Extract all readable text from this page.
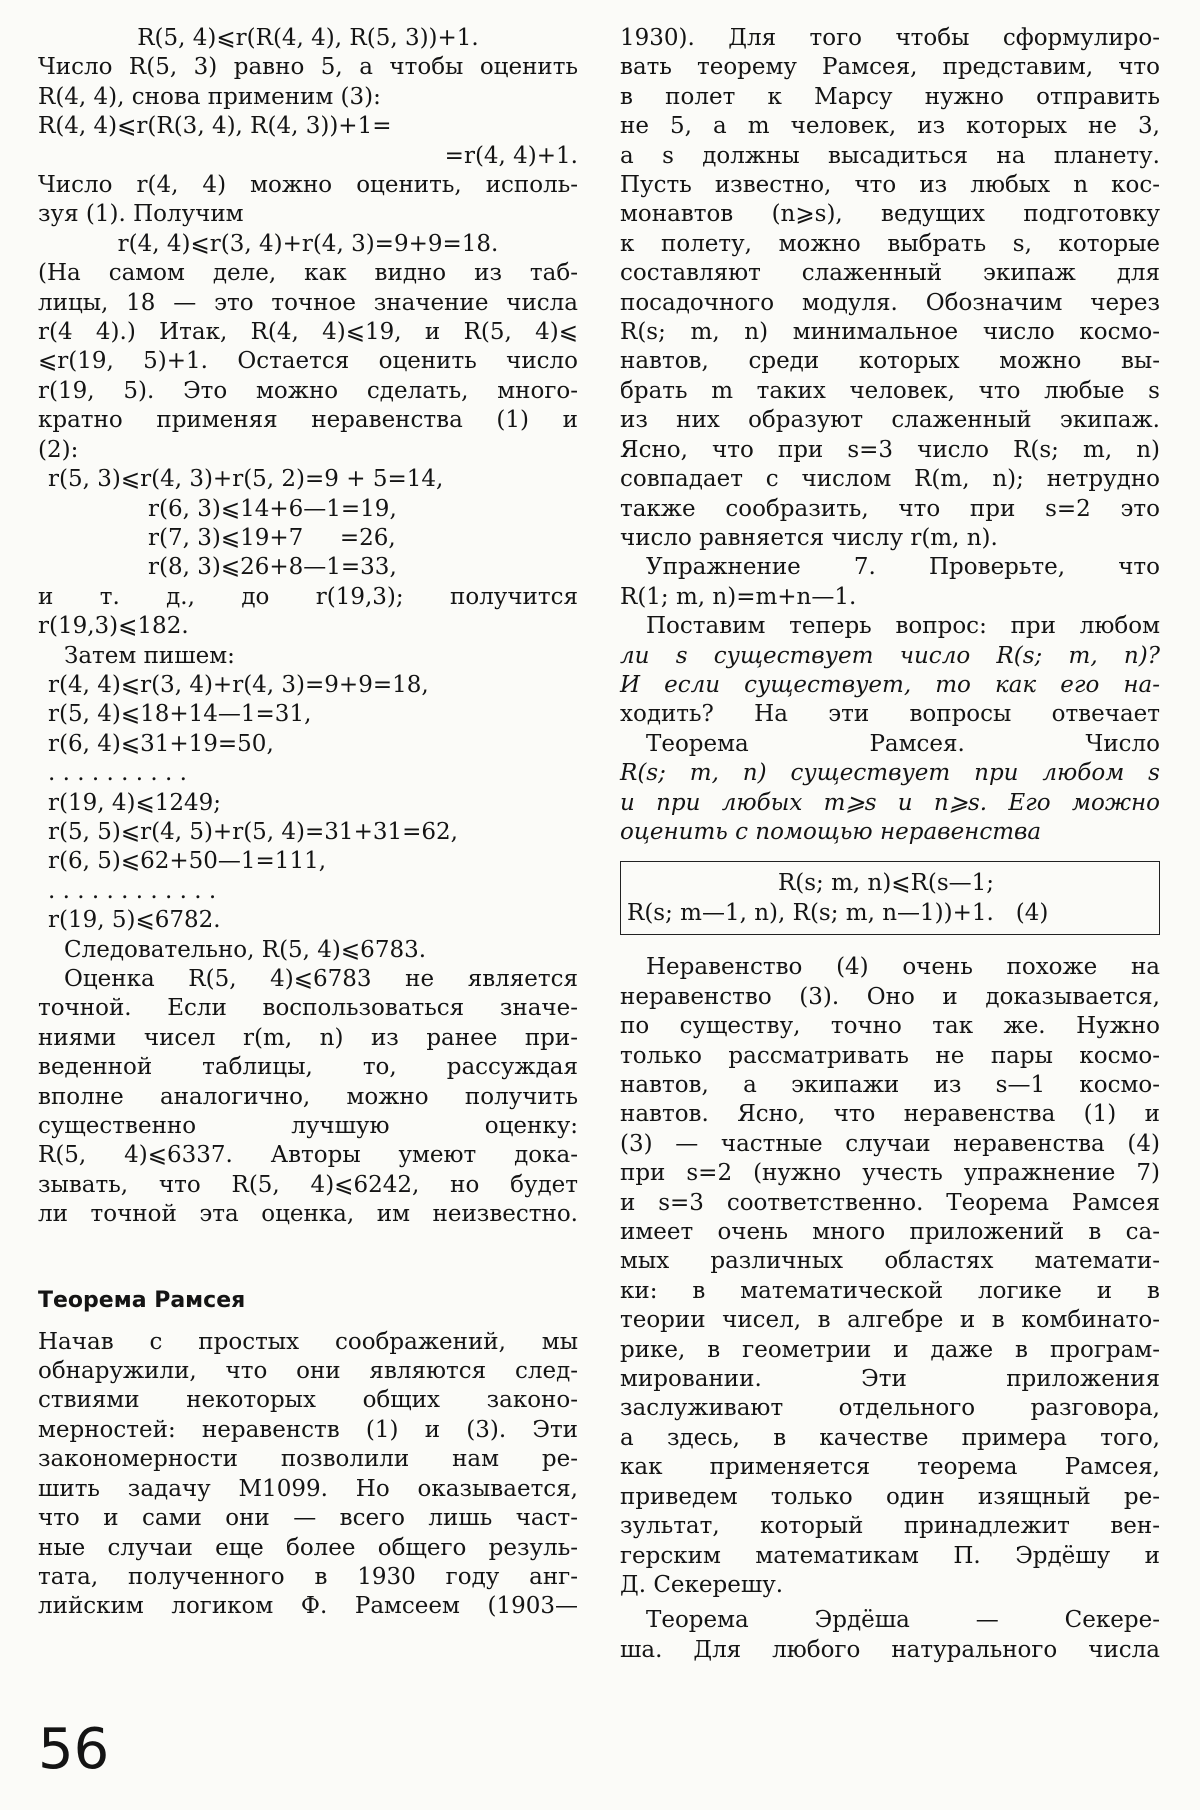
R(5, 4)⩽r(R(4, 4), R(5, 3))+1.

Число R(5, 3) равно 5, а чтобы оценить

R(4, 4), снова применим (3):

R(4, 4)⩽r(R(3, 4), R(4, 3))+1=

=r(4, 4)+1.

Число r(4, 4) можно оценить, исполь-

зуя (1). Получим

r(4, 4)⩽r(3, 4)+r(4, 3)=9+9=18.

(На самом деле, как видно из таб-

лицы, 18 — это точное значение числа

r(4 4).) Итак, R(4, 4)⩽19, и R(5, 4)⩽

⩽r(19, 5)+1. Остается оценить число

r(19, 5). Это можно сделать, много-

кратно применяя неравенства (1) и

(2):

r(5, 3)⩽r(4, 3)+r(5, 2)=9 + 5=14,

r(6, 3)⩽14+6—1=19,

r(7, 3)⩽19+7     =26,

r(8, 3)⩽26+8—1=33,

и т. д., до r(19,3); получится

r(19,3)⩽182.

Затем пишем:

r(4, 4)⩽r(3, 4)+r(4, 3)=9+9=18,

r(5, 4)⩽18+14—1=31,

r(6, 4)⩽31+19=50,

. . . . . . . . . .

r(19, 4)⩽1249;

r(5, 5)⩽r(4, 5)+r(5, 4)=31+31=62,

r(6, 5)⩽62+50—1=111,

. . . . . . . . . . . .

r(19, 5)⩽6782.

Следовательно, R(5, 4)⩽6783.

Оценка R(5, 4)⩽6783 не является

точной. Если воспользоваться значе-

ниями чисел r(m, n) из ранее при-

веденной таблицы, то, рассуждая

вполне аналогично, можно получить

существенно лучшую оценку:

R(5, 4)⩽6337. Авторы умеют дока-

зывать, что R(5, 4)⩽6242, но будет

ли точной эта оценка, им неизвестно.

Теорема Рамсея

Начав с простых соображений, мы

обнаружили, что они являются след-

ствиями некоторых общих законо-

мерностей: неравенств (1) и (3). Эти

закономерности позволили нам ре-

шить задачу М1099. Но оказывается,

что и сами они — всего лишь част-

ные случаи еще более общего резуль-

тата, полученного в 1930 году анг-

лийским логиком Ф. Рамсеем (1903—

1930). Для того чтобы сформулиро-

вать теорему Рамсея, представим, что

в полет к Марсу нужно отправить

не 5, а m человек, из которых не 3,

а s должны высадиться на планету.

Пусть известно, что из любых n кос-

монавтов (n⩾s), ведущих подготовку

к полету, можно выбрать s, которые

составляют слаженный экипаж для

посадочного модуля. Обозначим через

R(s; m, n) минимальное число космо-

навтов, среди которых можно вы-

брать m таких человек, что любые s

из них образуют слаженный экипаж.

Ясно, что при s=3 число R(s; m, n)

совпадает с числом R(m, n); нетрудно

также сообразить, что при s=2 это

число равняется числу r(m, n).

Упражнение 7. Проверьте, что

R(1; m, n)=m+n—1.

Поставим теперь вопрос: при любом

ли s существует число R(s; m, n)?

И если существует, то как его на-

ходить? На эти вопросы отвечает

Теорема Рамсея. Число

R(s; m, n) существует при любом s

и при любых m⩾s и n⩾s. Его можно

оценить с помощью неравенства

R(s; m, n)⩽R(s—1;

R(s; m—1, n), R(s; m, n—1))+1.   (4)

Неравенство (4) очень похоже на

неравенство (3). Оно и доказывается,

по существу, точно так же. Нужно

только рассматривать не пары космо-

навтов, а экипажи из s—1 космо-

навтов. Ясно, что неравенства (1) и

(3) — частные случаи неравенства (4)

при s=2 (нужно учесть упражнение 7)

и s=3 соответственно. Теорема Рамсея

имеет очень много приложений в са-

мых различных областях математи-

ки: в математической логике и в

теории чисел, в алгебре и в комбинато-

рике, в геометрии и даже в програм-

мировании. Эти приложения

заслуживают отдельного разговора,

а здесь, в качестве примера того,

как применяется теорема Рамсея,

приведем только один изящный ре-

зультат, который принадлежит вен-

герским математикам П. Эрдёшу и

Д. Секерешу.

Теорема Эрдёша — Секере-

ша. Для любого натурального числа

56
